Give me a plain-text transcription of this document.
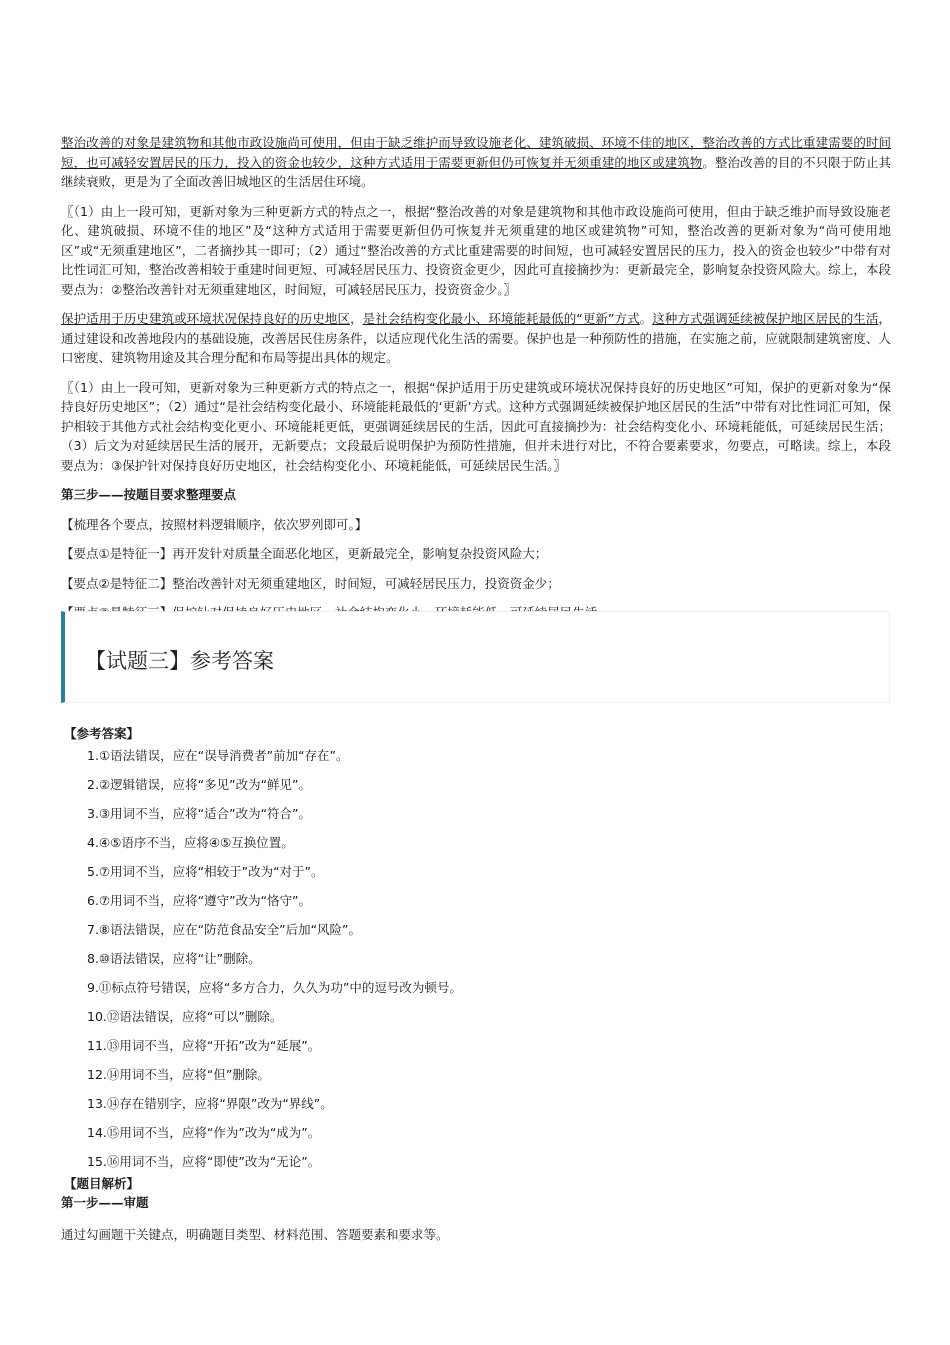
整治改善的对象是建筑物和其他市政设施尚可使用，但由于缺乏维护而导致设施老化、建筑破损、环境不佳的地区，整治改善的方式比重建需要的时间短，也可减轻安置居民的压力，投入的资金也较少，这种方式适用于需要更新但仍可恢复并无须重建的地区或建筑物。整治改善的目的不只限于防止其继续衰败，更是为了全面改善旧城地区的生活居住环境。

〖（1）由上一段可知，更新对象为三种更新方式的特点之一，根据“整治改善的对象是建筑物和其他市政设施尚可使用，但由于缺乏维护而导致设施老化、建筑破损、环境不佳的地区”及“这种方式适用于需要更新但仍可恢复并无须重建的地区或建筑物”可知，整治改善的更新对象为“尚可使用地区”或“无须重建地区”，二者摘抄其一即可；（2）通过“整治改善的方式比重建需要的时间短，也可减轻安置居民的压力，投入的资金也较少”中带有对比性词汇可知，整治改善相较于重建时间更短、可减轻居民压力、投资资金更少，因此可直接摘抄为：更新最完全，影响复杂投资风险大。综上，本段要点为：②整治改善针对无须重建地区，时间短，可减轻居民压力，投资资金少。〗

保护适用于历史建筑或环境状况保持良好的历史地区，是社会结构变化最小、环境能耗最低的“更新”方式。这种方式强调延续被保护地区居民的生活，通过建设和改善地段内的基础设施，改善居民住房条件，以适应现代化生活的需要。保护也是一种预防性的措施，在实施之前，应就限制建筑密度、人口密度、建筑物用途及其合理分配和布局等提出具体的规定。

〖（1）由上一段可知，更新对象为三种更新方式的特点之一，根据“保护适用于历史建筑或环境状况保持良好的历史地区”可知，保护的更新对象为“保持良好历史地区”；（2）通过“是社会结构变化最小、环境能耗最低的‘更新’方式。这种方式强调延续被保护地区居民的生活”中带有对比性词汇可知，保护相较于其他方式社会结构变化更小、环境能耗更低，更强调延续居民的生活，因此可直接摘抄为：社会结构变化小、环境耗能低，可延续居民生活；（3）后文为对延续居民生活的展开，无新要点；文段最后说明保护为预防性措施，但并未进行对比，不符合要素要求，勿要点，可略读。综上，本段要点为：③保护针对保持良好历史地区，社会结构变化小、环境耗能低，可延续居民生活。〗

第三步——按题目要求整理要点

【梳理各个要点，按照材料逻辑顺序，依次罗列即可。】

【要点①是特征一】再开发针对质量全面恶化地区，更新最完全，影响复杂投资风险大；

【要点②是特征二】整治改善针对无须重建地区，时间短，可减轻居民压力，投资资金少；

【试题三】参考答案

【参考答案】

1.①语法错误，应在“误导消费者”前加“存在”。
2.②逻辑错误，应将“多见”改为“鲜见”。
3.③用词不当，应将“适合”改为“符合”。
4.④⑤语序不当，应将④⑤互换位置。
5.⑦用词不当，应将“相较于”改为“对于”。
6.⑦用词不当，应将“遵守”改为“恪守”。
7.⑧语法错误，应在“防范食品安全”后加“风险”。
8.⑩语法错误，应将“让”删除。
9.⑪标点符号错误，应将“多方合力，久久为功”中的逗号改为顿号。
10.⑫语法错误，应将“可以”删除。
11.⑬用词不当，应将“开拓”改为“延展”。
12.⑭用词不当，应将“但”删除。
13.⑭存在错别字，应将“界限”改为“界线”。
14.⑮用词不当，应将“作为”改为“成为”。
15.⑯用词不当，应将“即使”改为“无论”。

【题目解析】

第一步——审题

通过勾画题干关键点，明确题目类型、材料范围、答题要素和要求等。
